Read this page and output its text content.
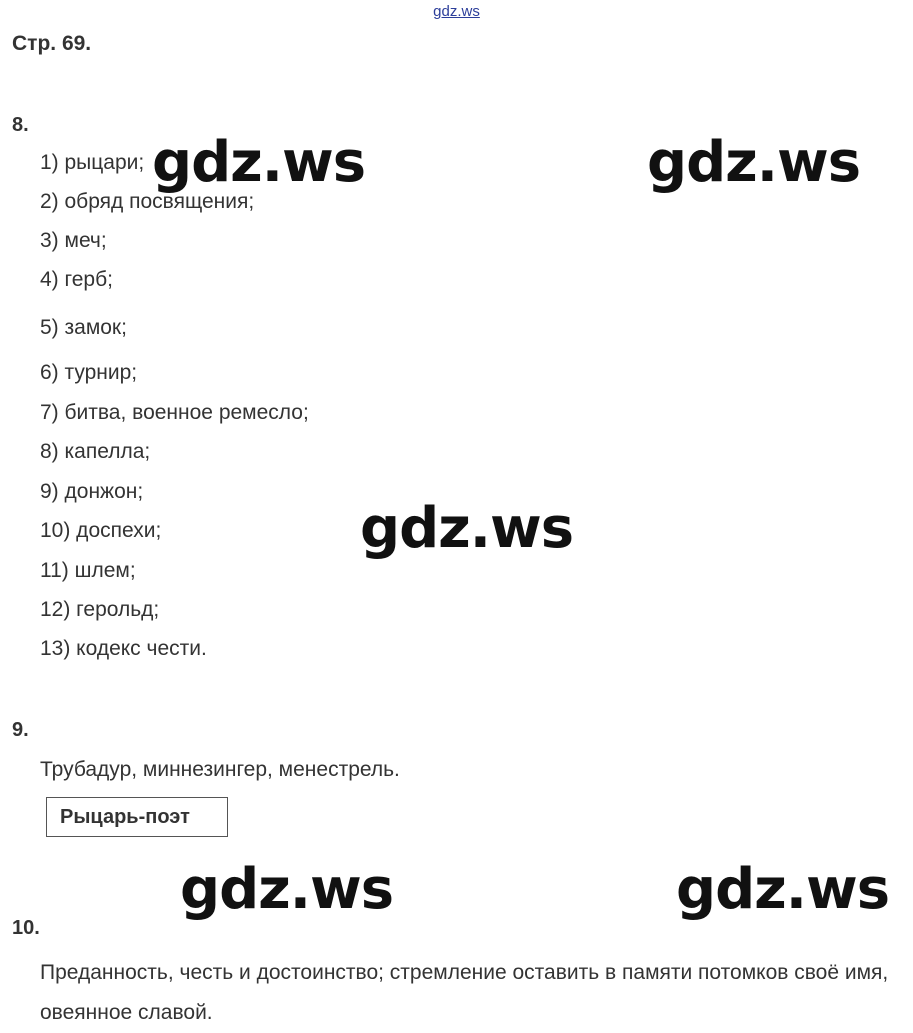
gdz.ws
Стр. 69.
8.
1) рыцари;
2) обряд посвящения;
3) меч;
4) герб;
5) замок;
6) турнир;
7) битва, военное ремесло;
8) капелла;
9) донжон;
10) доспехи;
11) шлем;
12) герольд;
13) кодекс чести.
9.
Трубадур, миннезингер, менестрель.
Рыцарь-поэт
10.
Преданность, честь и достоинство; стремление оставить в памяти потомков своё имя, овеянное славой.
gdz.ws	gdz.ws
gdz.ws
gdz.ws	gdz.ws
